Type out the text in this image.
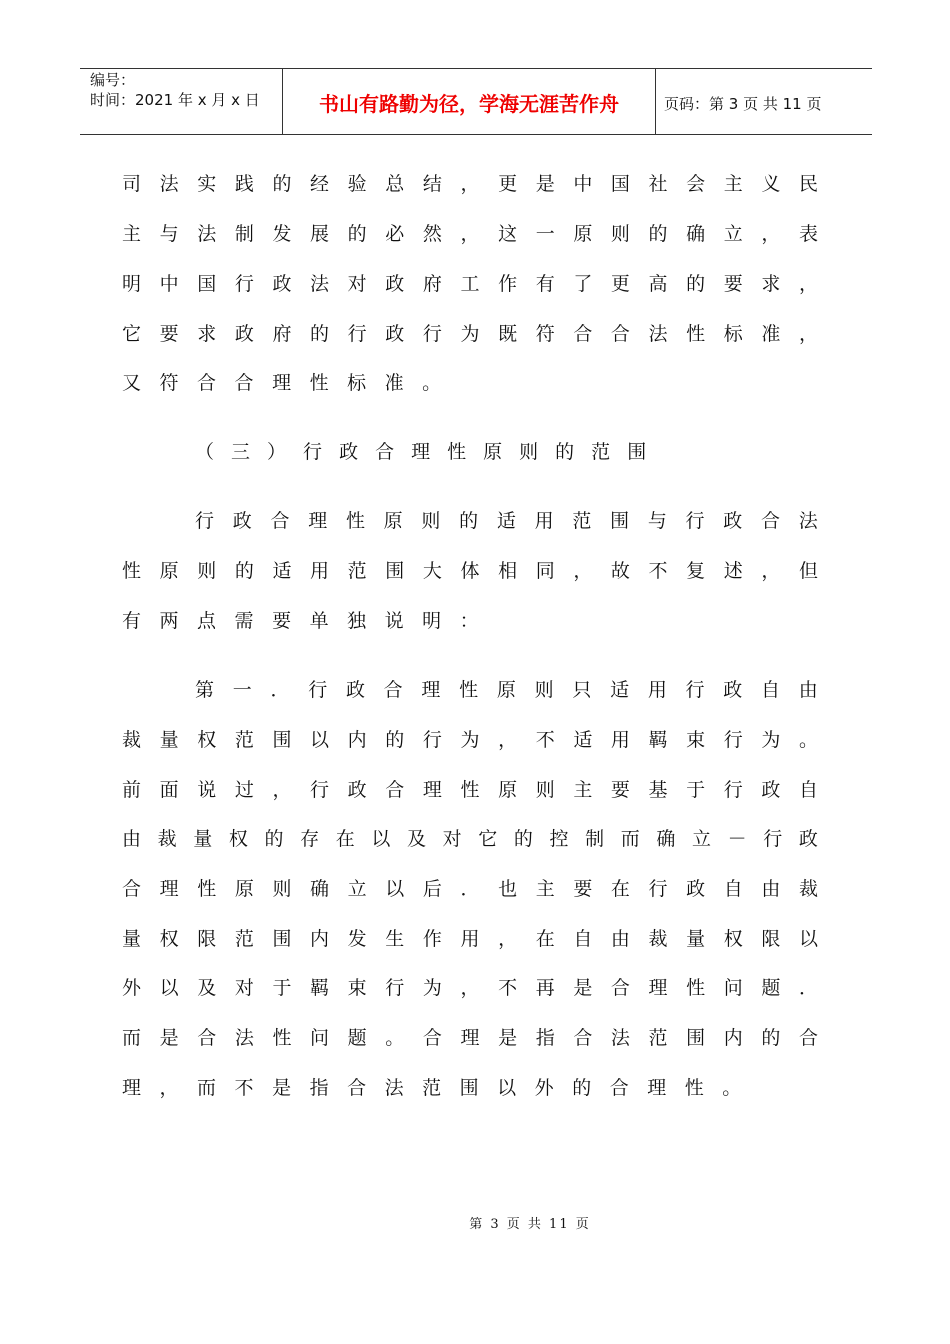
编号：
时间：2021 年 x 月 x 日	书山有路勤为径，学海无涯苦作舟	页码：第 3 页 共 11 页
司 法 实 践 的 经 验 总 结 ， 更 是 中 国 社 会 主 义 民
主 与 法 制 发 展 的 必 然 ， 这 一 原 则 的 确 立 ， 表
明 中 国 行 政 法 对 政 府 工 作 有 了 更 高 的 要 求 ，
它 要 求 政 府 的 行 政 行 为 既 符 合 合 法 性 标 准 ，
又 符 合 合 理 性 标 准 。
（ 三 ） 行 政 合 理 性 原 则 的 范 围
行 政 合 理 性 原 则 的 适 用 范 围 与 行 政 合 法
性 原 则 的 适 用 范 围 大 体 相 同 ， 故 不 复 述 ， 但
有 两 点 需 要 单 独 说 明 ：
第 一 ． 行 政 合 理 性 原 则 只 适 用 行 政 自 由
裁 量 权 范 围 以 内 的 行 为 ， 不 适 用 羁 束 行 为 。
前 面 说 过 ， 行 政 合 理 性 原 则 主 要 基 于 行 政 自
由 裁 量 权 的 存 在 以 及 对 它 的 控 制 而 确 立 － 行 政
合 理 性 原 则 确 立 以 后 ． 也 主 要 在 行 政 自 由 裁
量 权 限 范 围 内 发 生 作 用 ， 在 自 由 裁 量 权 限 以
外 以 及 对 于 羁 束 行 为 ， 不 再 是 合 理 性 问 题 ．
而 是 合 法 性 问 题 。 合 理 是 指 合 法 范 围 内 的 合
理 ， 而 不 是 指 合 法 范 围 以 外 的 合 理 性 。
第 3 页 共 11 页
